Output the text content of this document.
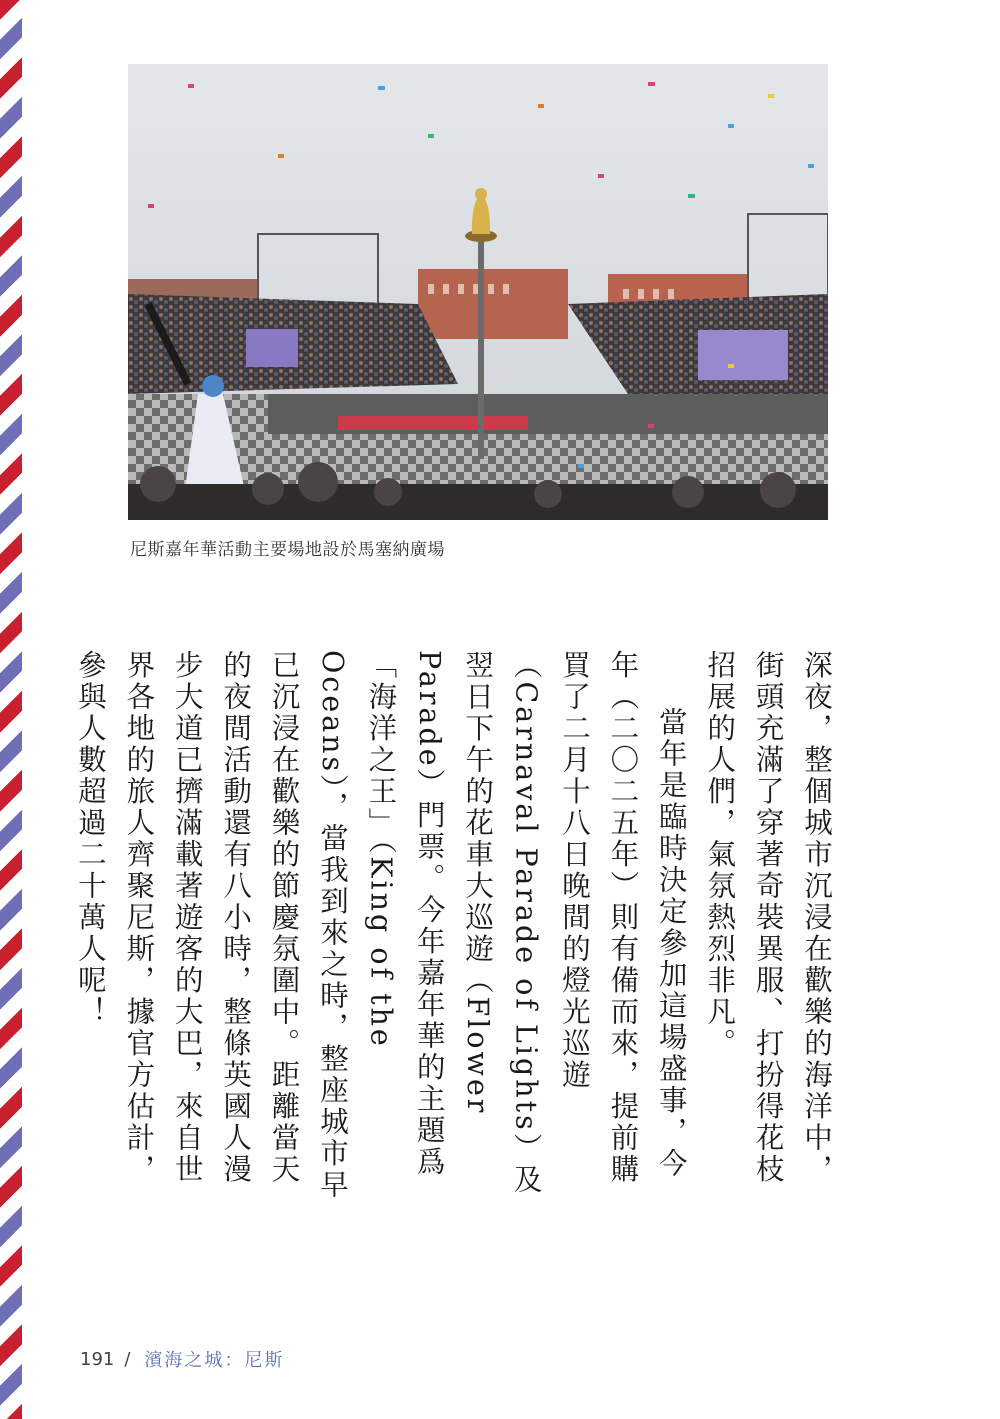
尼斯嘉年華活動主要場地設於馬塞納廣場

深夜，整個城市沉浸在歡樂的海洋中，街頭充滿了穿著奇裝異服、打扮得花枝招展的人們，氣氛熱烈非凡。

當年是臨時決定參加這場盛事，今年（二〇二五年）則有備而來，提前購買了二月十八日晚間的燈光巡遊（Carnaval Parade of Lights）及翌日下午的花車大巡遊（Flower Parade）門票。今年嘉年華的主題爲「海洋之王」（King of the Oceans），當我到來之時，整座城市早已沉浸在歡樂的節慶氛圍中。距離當天的夜間活動還有八小時，整條英國人漫步大道已擠滿載著遊客的大巴，來自世界各地的旅人齊聚尼斯，據官方估計，參與人數超過二十萬人呢！

191 / 濱海之城：尼斯
